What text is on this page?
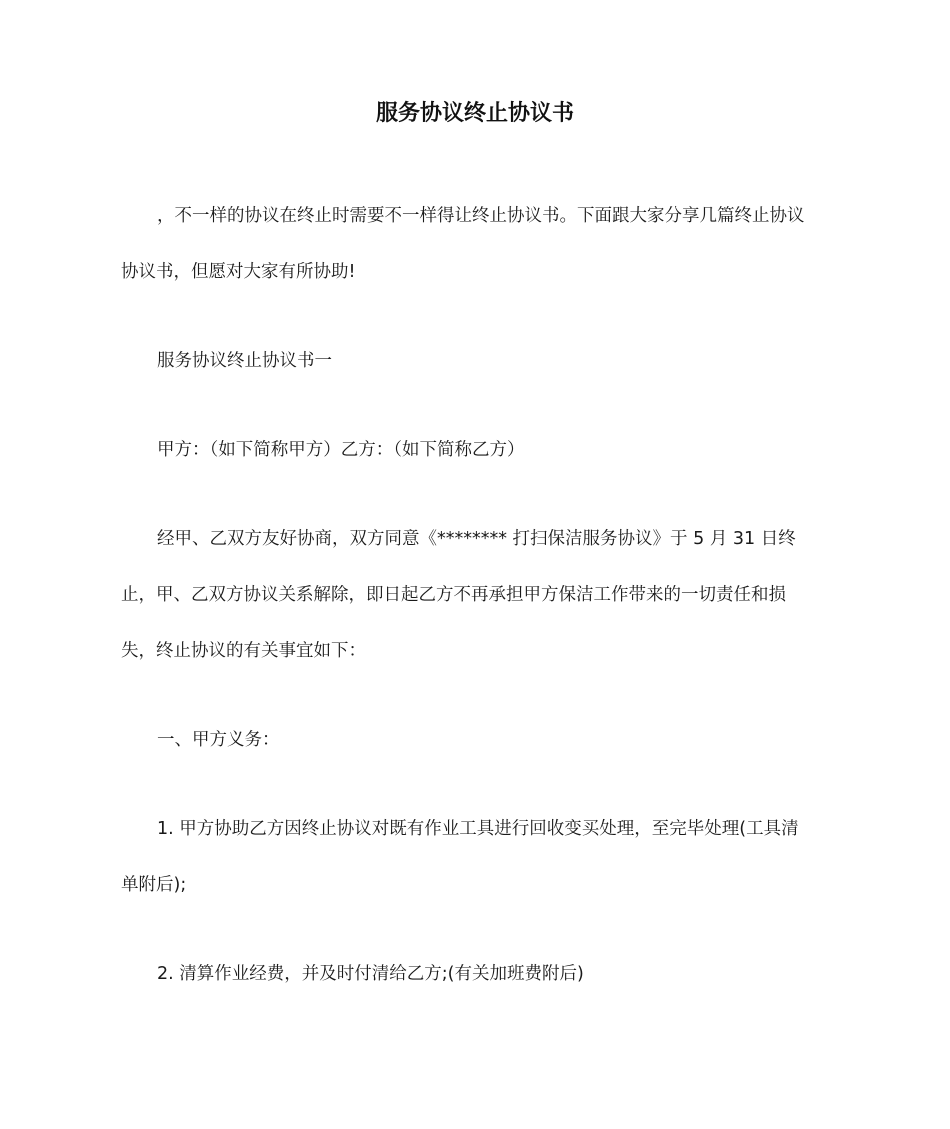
服务协议终止协议书
，不一样的协议在终止时需要不一样得让终止协议书。下面跟大家分享几篇终止协议
协议书，但愿对大家有所协助!
服务协议终止协议书一
甲方：（如下简称甲方）乙方：（如下简称乙方）
经甲、乙双方友好协商，双方同意《******** 打扫保洁服务协议》于 5 月 31 日终
止，甲、乙双方协议关系解除，即日起乙方不再承担甲方保洁工作带来的一切责任和损
失，终止协议的有关事宜如下：
一、甲方义务：
1. 甲方协助乙方因终止协议对既有作业工具进行回收变买处理，至完毕处理(工具清
单附后);
2. 清算作业经费，并及时付清给乙方;(有关加班费附后)
